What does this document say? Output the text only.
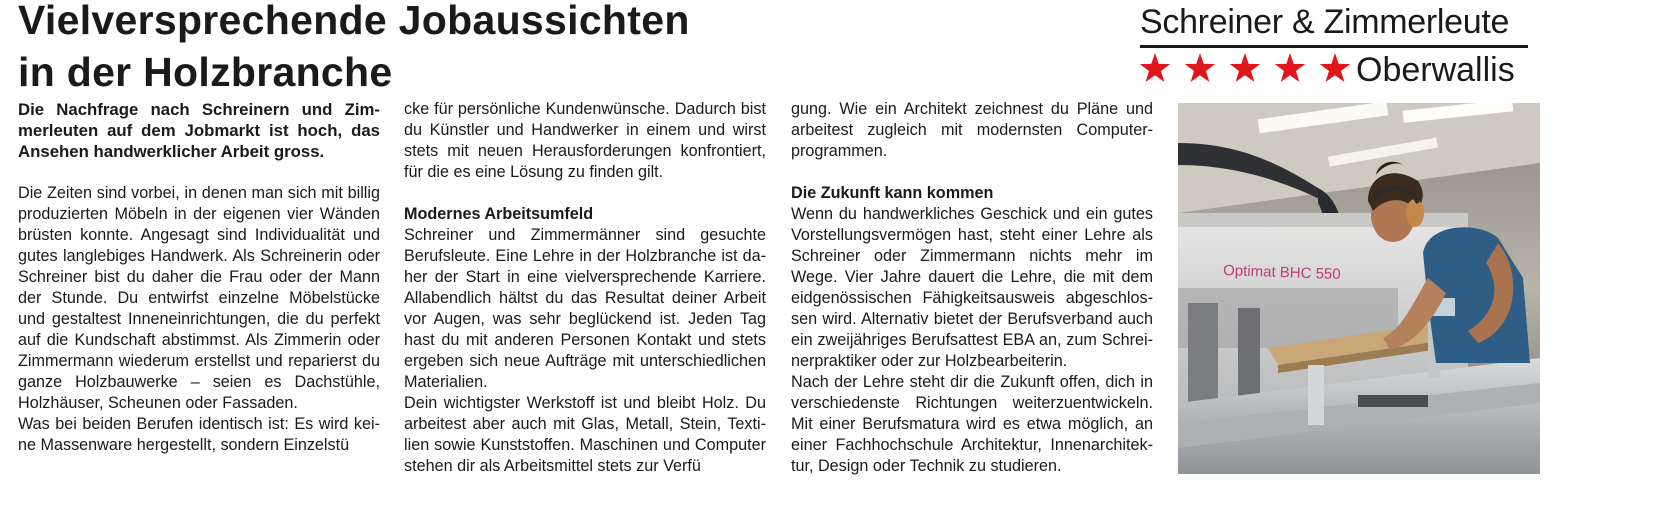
Vielversprechende Jobaussichten
in der Holzbranche
Schreiner & Zimmerleute
Oberwallis

Die Nachfrage nach Schreinern und Zimmerleuten auf dem Jobmarkt ist hoch, das Ansehen handwerklicher Arbeit gross.

Die Zeiten sind vorbei, in denen man sich mit billig produzierten Möbeln in der eigenen vier Wänden brüsten konnte. Angesagt sind Individualität und gutes langlebiges Handwerk. Als Schreinerin oder Schreiner bist du daher die Frau oder der Mann der Stunde. Du entwirfst einzelne Möbelstücke und gestaltest Inneneinrichtungen, die du perfekt auf die Kundschaft abstimmst. Als Zimmerin oder Zimmermann wiederum erstellst und reparierst du ganze Holzbauwerke – seien es Dachstühle, Holzhäuser, Scheunen oder Fassaden.

Was bei beiden Berufen identisch ist: Es wird keine Massenware hergestellt, sondern Einzelstü

cke für persönliche Kundenwünsche. Dadurch bist du Künstler und Handwerker in einem und wirst stets mit neuen Herausforderungen konfrontiert, für die es eine Lösung zu finden gilt.

Modernes Arbeitsumfeld

Schreiner und Zimmermänner sind gesuchte Berufsleute. Eine Lehre in der Holzbranche ist daher der Start in eine vielversprechende Karriere. Allabendlich hältst du das Resultat deiner Arbeit vor Augen, was sehr beglückend ist. Jeden Tag hast du mit anderen Personen Kontakt und stets ergeben sich neue Aufträge mit unterschiedlichen Materialien.

Dein wichtigster Werkstoff ist und bleibt Holz. Du arbeitest aber auch mit Glas, Metall, Stein, Textilien sowie Kunststoffen. Maschinen und Computer stehen dir als Arbeitsmittel stets zur Verfü

gung. Wie ein Architekt zeichnest du Pläne und arbeitest zugleich mit modernsten Computerprogrammen.

Die Zukunft kann kommen

Wenn du handwerkliches Geschick und ein gutes Vorstellungsvermögen hast, steht einer Lehre als Schreiner oder Zimmermann nichts mehr im Wege. Vier Jahre dauert die Lehre, die mit dem eidgenössischen Fähigkeitsausweis abgeschlossen wird. Alternativ bietet der Berufsverband auch ein zweijähriges Berufsattest EBA an, zum Schreinerpraktiker oder zur Holzbearbeiterin.

Nach der Lehre steht dir die Zukunft offen, dich in verschiedenste Richtungen weiterzuentwickeln. Mit einer Berufsmatura wird es etwa möglich, an einer Fachhochschule Architektur, Innenarchitektur, Design oder Technik zu studieren.

Optimat BHC 550
